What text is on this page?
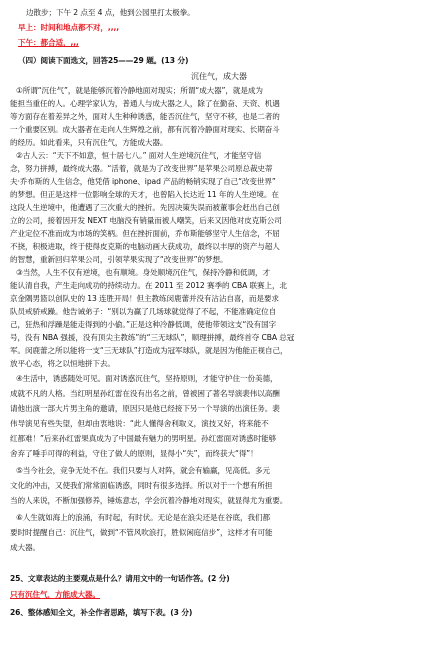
边散步；下午 2 点至 4 点，他到公园里打太极拳。
早上：时间和地点都不对，,,,,
下午：都合适，,,,
（四）阅读下面选文，回答25——29 题。(13 分)
沉住气，成大器
①所谓“沉住气”，就是能够沉着冷静地面对现实；所谓“成大器”，就是成为
能担当重任的人。心理学家认为，普通人与成大器之人，除了在勤奋、天资、机遇
等方面存在着差异之外，面对人生种种诱惑，能否沉住气，坚守不移，也是二者的
一个重要区别。成大器者在走向人生辉煌之前，都有沉着冷静面对现实、长期奋斗
的经历。如此看来，只有沉住气，方能成大器。
②古人云：“天下不如意，恒十居七八。” 面对人生逆境沉住气，才能坚守信
念，努力拼搏，最终成大器。“活着，就是为了改变世界”是苹果公司原总裁史蒂
夫·乔布斯的人生信念，他凭借 iphone、ipad 产品的畅销实现了自己“改变世界”
的梦想。但正是这样一位影响全球的天才，也曾陷入长达近 11 年的人生逆境。在
这段人生逆境中，他遭遇了三次重大的挫折。先因决策失误而被董事会赶出自己创
立的公司，接着因开发 NEXT 电脑没有销量而被人嘲笑，后来又因他对皮克斯公司
产业定位不准而成为市场的笑柄。但在挫折面前，乔布斯能够坚守人生信念，不屈
不挠，积极进取，终于使得皮克斯的电脑动画大获成功，最终以丰厚的资产与超人
的智慧，重新回归苹果公司，引领苹果实现了“改变世界”的梦想。
③当然，人生不仅有逆境，也有顺境。身处顺境沉住气，保持冷静和低调，才
能认清自我，产生走向成功的持续动力。在 2011 至 2012 赛季的 CBA 联赛上，北
京金隅男篮以创队史的 13 连胜开局！但主教练闵鹿蕾并没有沾沾自喜，而是要求
队员戒骄戒躁。他告诫弟子：“别以为赢了几场球就觉得了不起，不能准确定位自
己，狂热和浮躁是能走得到的小偷。”正是这种冷静低调，使他带领这支“没有国字
号，没有 NBA 强援，没有顶尖主教练”的“三无球队”，顺理拼搏，最终首夺 CBA 总冠
军。闵鹿蕾之所以能将一支“三无球队”打造成为冠军球队，就是因为他能正视自己，
放平心态，将之以恒地拼下去。
④生活中，诱惑随处可见。面对诱惑沉住气，坚持原则，才能守护住一份美德，
成就不凡的人格。当红明星孙红雷在没有出名之前，曾被困了著名导演裴伟以高酬
请他出演一部大片男主角的邀请，原因只是他已经接下另一个导演的出演任务。裴
伟导演见有些失望，但却由衷地说：“此人懂得舍利取义，演技又好，将来能不
红都难！”后来孙红雷果真成为了中国最有魅力的男明星。孙红雷面对诱惑时能够
舍弃了唾手可得的利益，守住了做人的原则，显得小“失”，而终获大“得”！
⑤当今社会，竞争无处不在。我们只要与人对阵，就会有输赢，见高低。多元
文化的冲击，又使我们常常面临诱惑，同时有很多选择。所以对于一个想有所担
当的人来说，不断加强修养，锤炼意志，学会沉着冷静地对现实，就显得尤为重要。
⑥人生就如海上的浪涌，有时起，有时伏。无论是在浪尖还是在谷底，我们都
要时时提醒自己：沉住气，做到“不管风吹浪打，胜似闲庭信步”，这样才有可能
成大器。
25、文章表达的主要观点是什么？请用文中的一句话作答。(2 分)
只有沉住气，方能成大器。
26、整体感知全文，补全作者思路，填写下表。(3 分)
